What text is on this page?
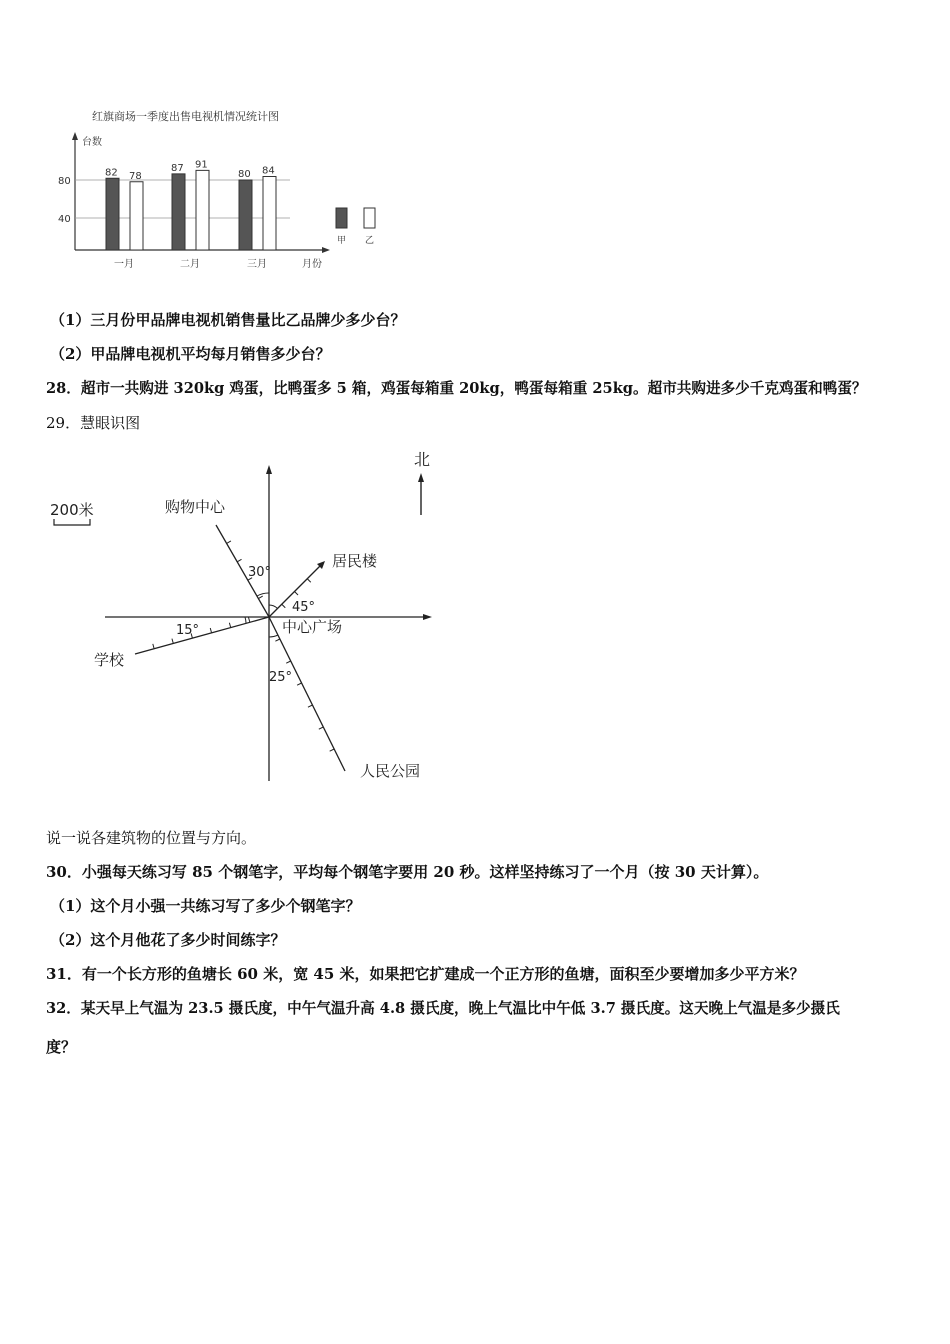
红旗商场一季度出售电视机情况统计图
台数
月份
80
40
82	87
80
78
91
84
一月	二月	三月
甲 乙
（1）三月份甲品牌电视机销售量比乙品牌少多少台？
（2）甲品牌电视机平均每月销售多少台？
28．超市一共购进 320kg 鸡蛋，比鸭蛋多 5 箱，鸡蛋每箱重 20kg，鸭蛋每箱重 25kg。超市共购进多少千克鸡蛋和鸭蛋？
29．慧眼识图
北
200米	购物中心
居民楼
学校
人民公园
中心广场
30°
45°
15°
25°
说一说各建筑物的位置与方向。
30．小强每天练习写 85 个钢笔字，平均每个钢笔字要用 20 秒。这样坚持练习了一个月（按 30 天计算）。
（1）这个月小强一共练习写了多少个钢笔字？
（2）这个月他花了多少时间练字？
31．有一个长方形的鱼塘长 60 米，宽 45 米，如果把它扩建成一个正方形的鱼塘，面积至少要增加多少平方米？
32．某天早上气温为 23.5 摄氏度，中午气温升高 4.8 摄氏度，晚上气温比中午低 3.7 摄氏度。这天晚上气温是多少摄氏
度？
